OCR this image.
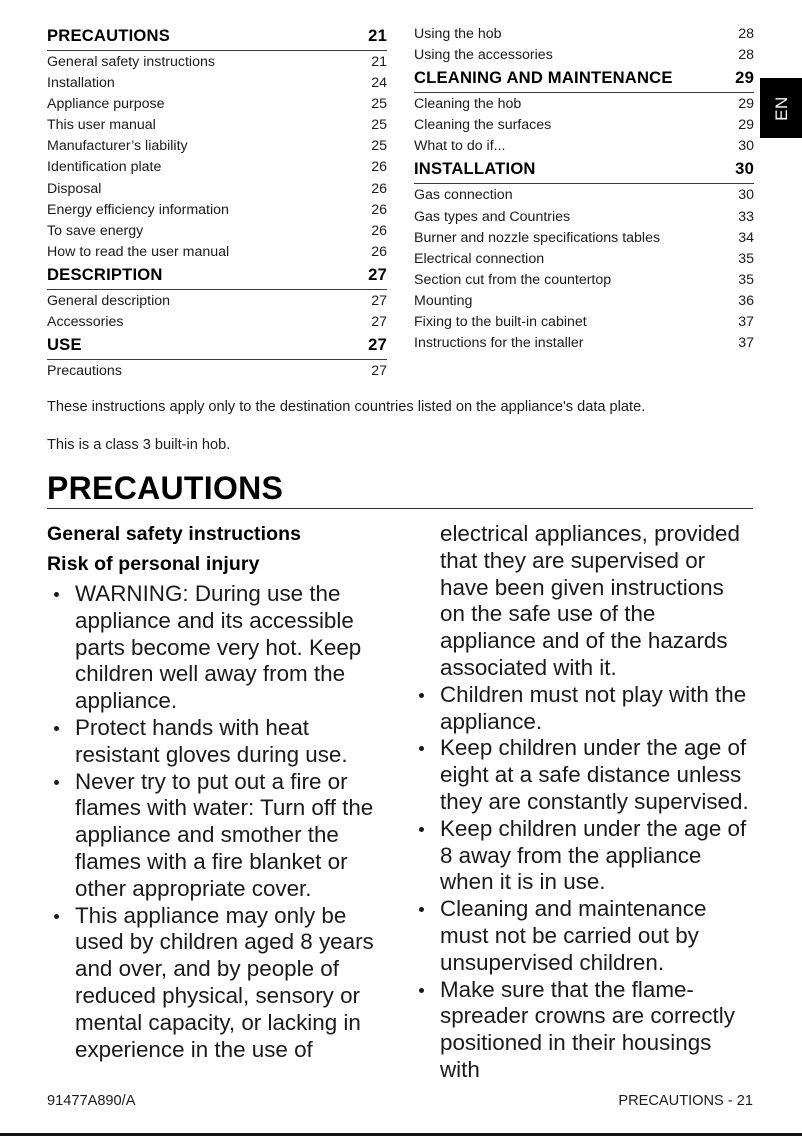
EN
PRECAUTIONS	21
General safety instructions	21
Installation	24
Appliance purpose	25
This user manual	25
Manufacturer’s liability	25
Identification plate	26
Disposal	26
Energy efficiency information	26
To save energy	26
How to read the user manual	26
DESCRIPTION	27
General description	27
Accessories	27
USE	27
Precautions	27
Using the hob	28
Using the accessories	28
CLEANING AND MAINTENANCE	29
Cleaning the hob	29
Cleaning the surfaces	29
What to do if...	30
INSTALLATION	30
Gas connection	30
Gas types and Countries	33
Burner and nozzle specifications tables	34
Electrical connection	35
Section cut from the countertop	35
Mounting	36
Fixing to the built-in cabinet	37
Instructions for the installer	37

These instructions apply only to the destination countries listed on the appliance's data plate.

This is a class 3 built-in hob.

PRECAUTIONS
General safety instructions
Risk of personal injury
WARNING: During use the appliance and its accessible parts become very hot. Keep children well away from the appliance.
Protect hands with heat resistant gloves during use.
Never try to put out a fire or flames with water: Turn off the appliance and smother the flames with a fire blanket or other appropriate cover.
This appliance may only be used by children aged 8 years and over, and by people of reduced physical, sensory or mental capacity, or lacking in experience in the use of

electrical appliances, provided that they are supervised or have been given instructions on the safe use of the appliance and of the hazards associated with it.

Children must not play with the appliance.
Keep children under the age of eight at a safe distance unless they are constantly supervised.
Keep children under the age of 8 away from the appliance when it is in use.
Cleaning and maintenance must not be carried out by unsupervised children.
Make sure that the flame-spreader crowns are correctly positioned in their housings with
91477A890/A	PRECAUTIONS - 21
